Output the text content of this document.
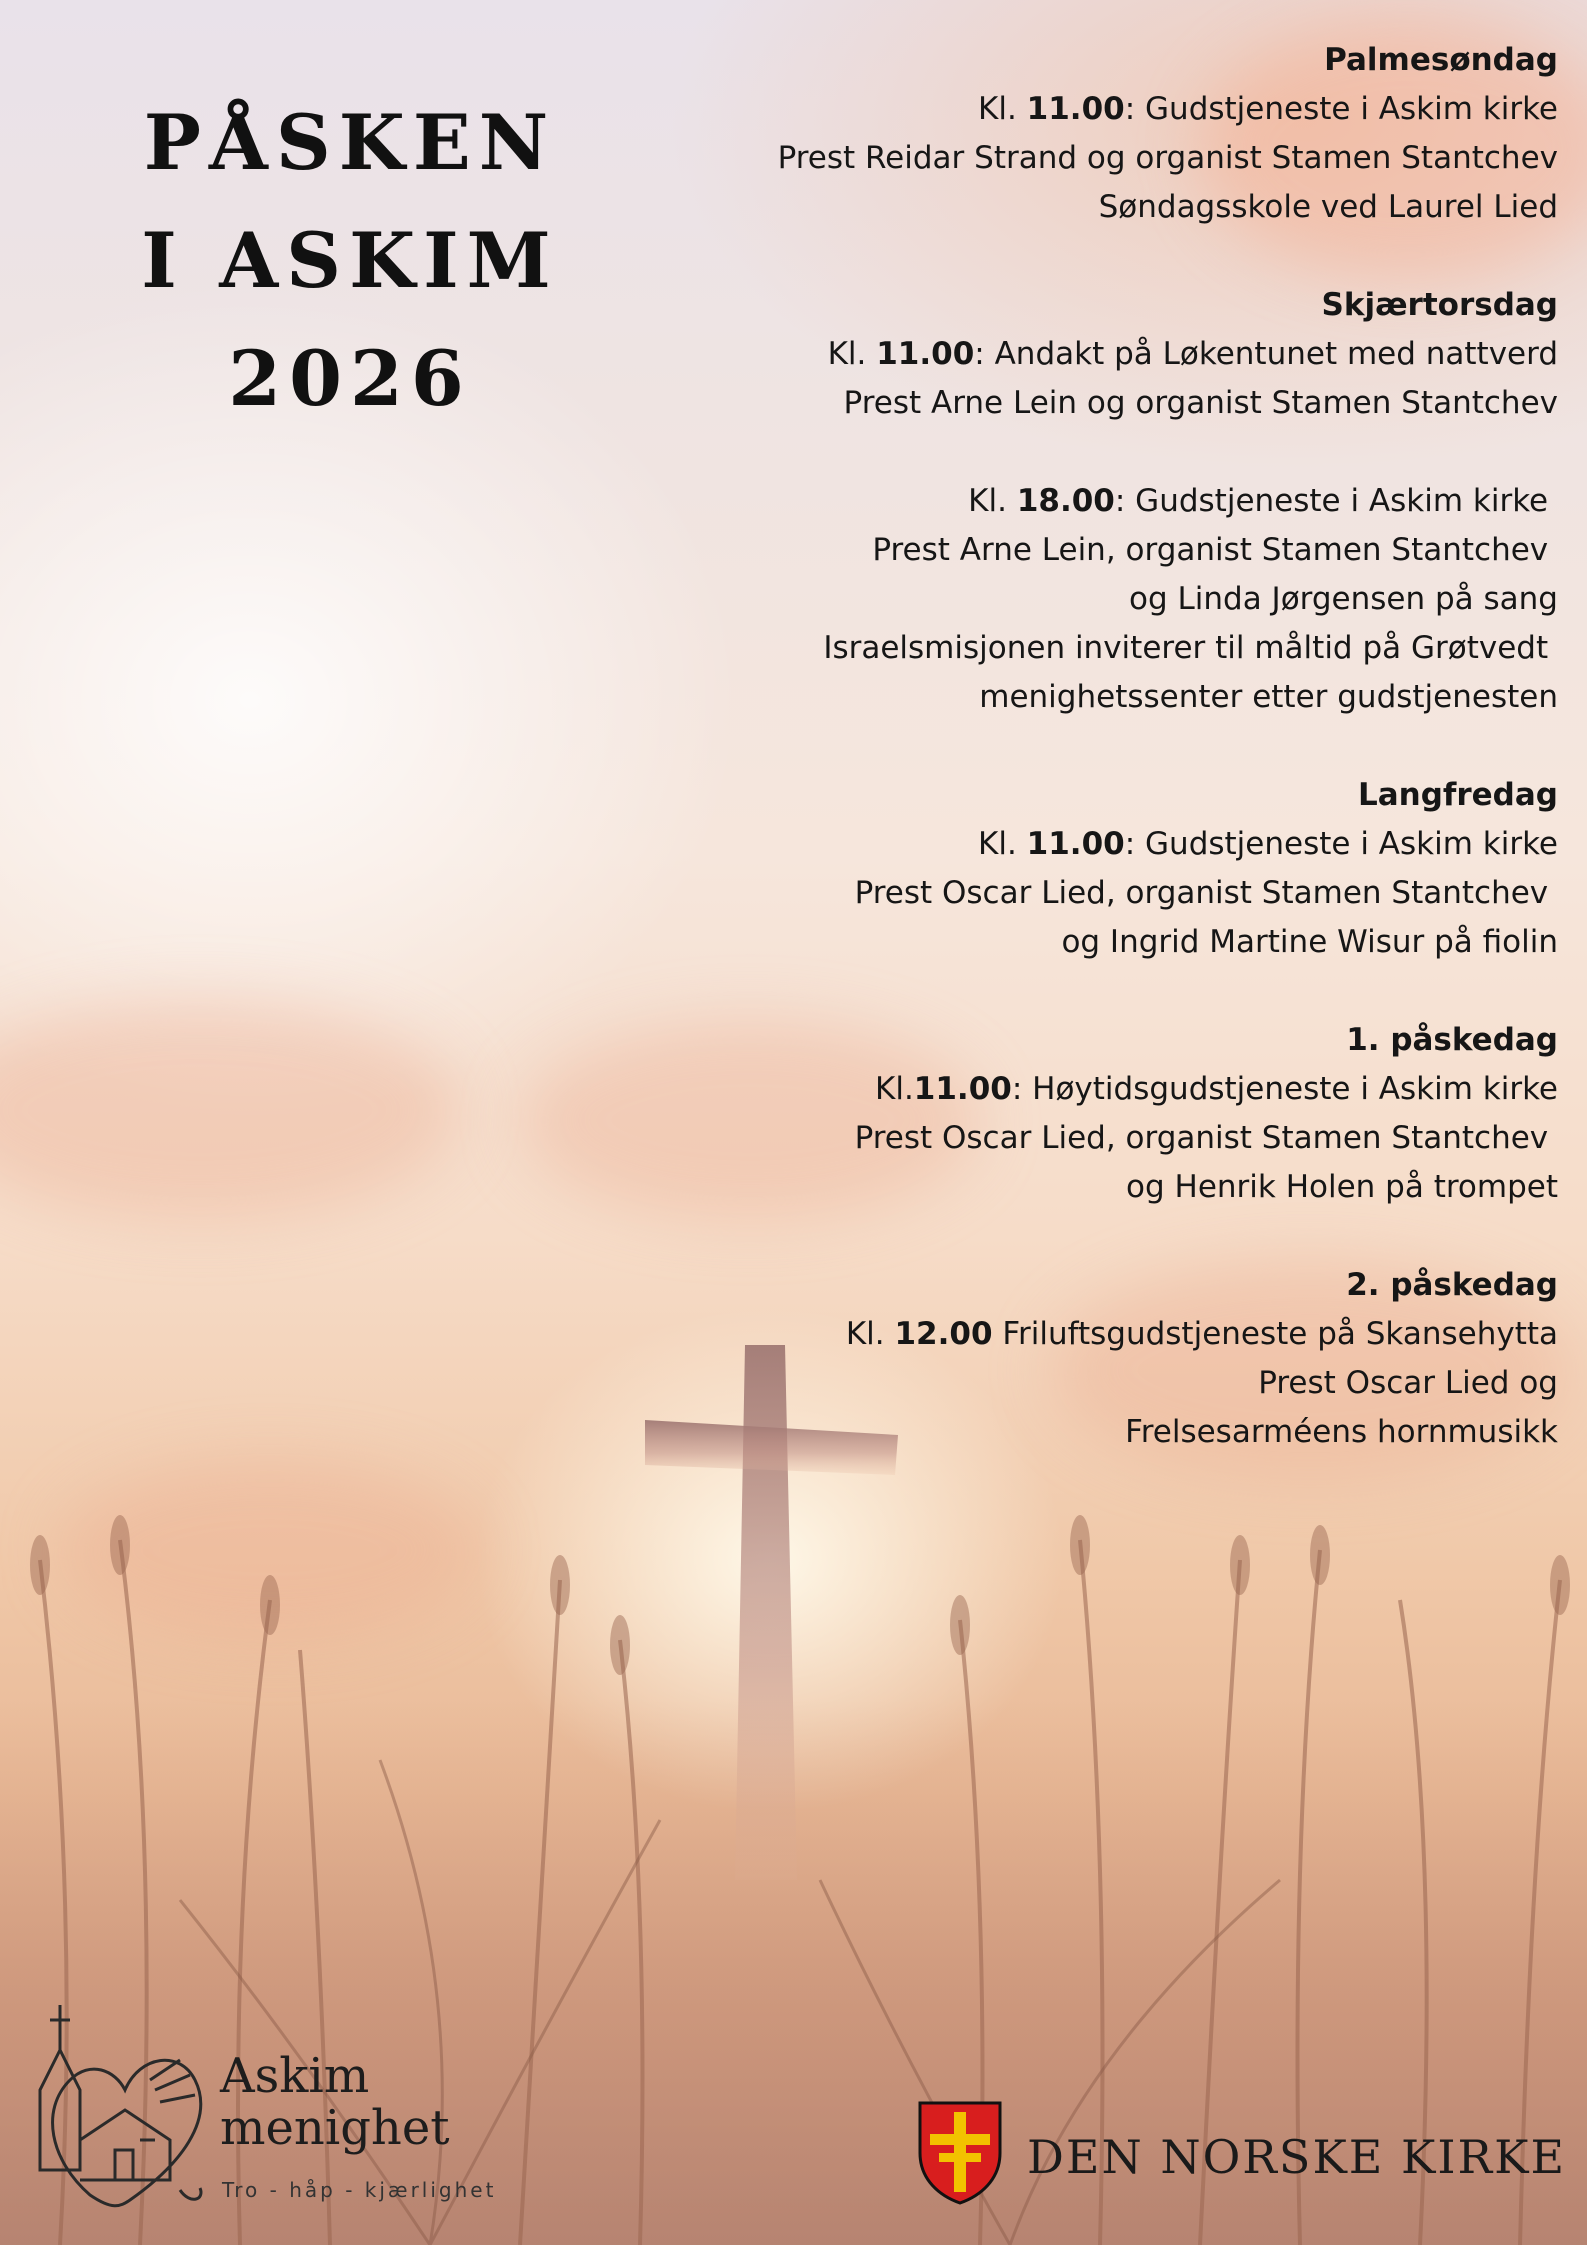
PÅSKEN
I ASKIM
2026
Palmesøndag
Kl. 11.00: Gudstjeneste i Askim kirke
Prest Reidar Strand og organist Stamen Stantchev
Søndagsskole ved Laurel Lied
Skjærtorsdag
Kl. 11.00: Andakt på Løkentunet med nattverd
Prest Arne Lein og organist Stamen Stantchev
Kl. 18.00: Gudstjeneste i Askim kirke
Prest Arne Lein, organist Stamen Stantchev
og Linda Jørgensen på sang
Israelsmisjonen inviterer til måltid på Grøtvedt
menighetssenter etter gudstjenesten
Langfredag
Kl. 11.00: Gudstjeneste i Askim kirke
Prest Oscar Lied, organist Stamen Stantchev
og Ingrid Martine Wisur på fiolin
1. påskedag
Kl.11.00: Høytidsgudstjeneste i Askim kirke
Prest Oscar Lied, organist Stamen Stantchev
og Henrik Holen på trompet
2. påskedag
Kl. 12.00 Friluftsgudstjeneste på Skansehytta
Prest Oscar Lied og
Frelsesarméens hornmusikk
Askim
menighet
Tro - håp - kjærlighet
DEN NORSKE KIRKE
